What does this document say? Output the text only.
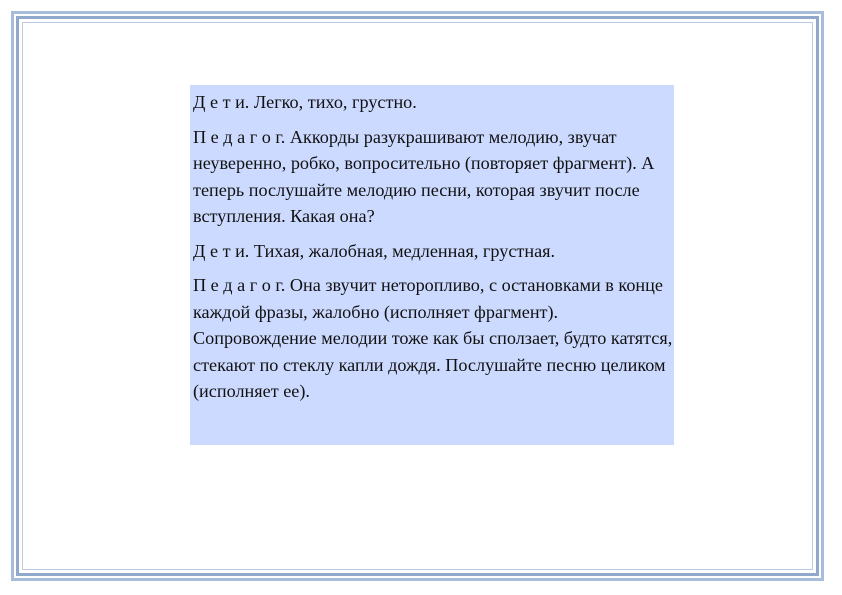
Д е т и. Легко, тихо, грустно.

П е д а г о г. Аккорды разукрашивают мелодию, звучат неуверенно, робко, вопросительно (повторяет фрагмент). А теперь послушайте мелодию песни, которая звучит после вступления. Какая она?

Д е т и. Тихая, жалобная, медленная, грустная.

П е д а г о г. Она звучит неторопливо, с остановками в конце каждой фразы, жалобно (исполняет фрагмент). Сопровождение мелодии тоже как бы сползает, будто катятся, стекают по стеклу капли дождя. Послушайте песню целиком (исполняет ее).
